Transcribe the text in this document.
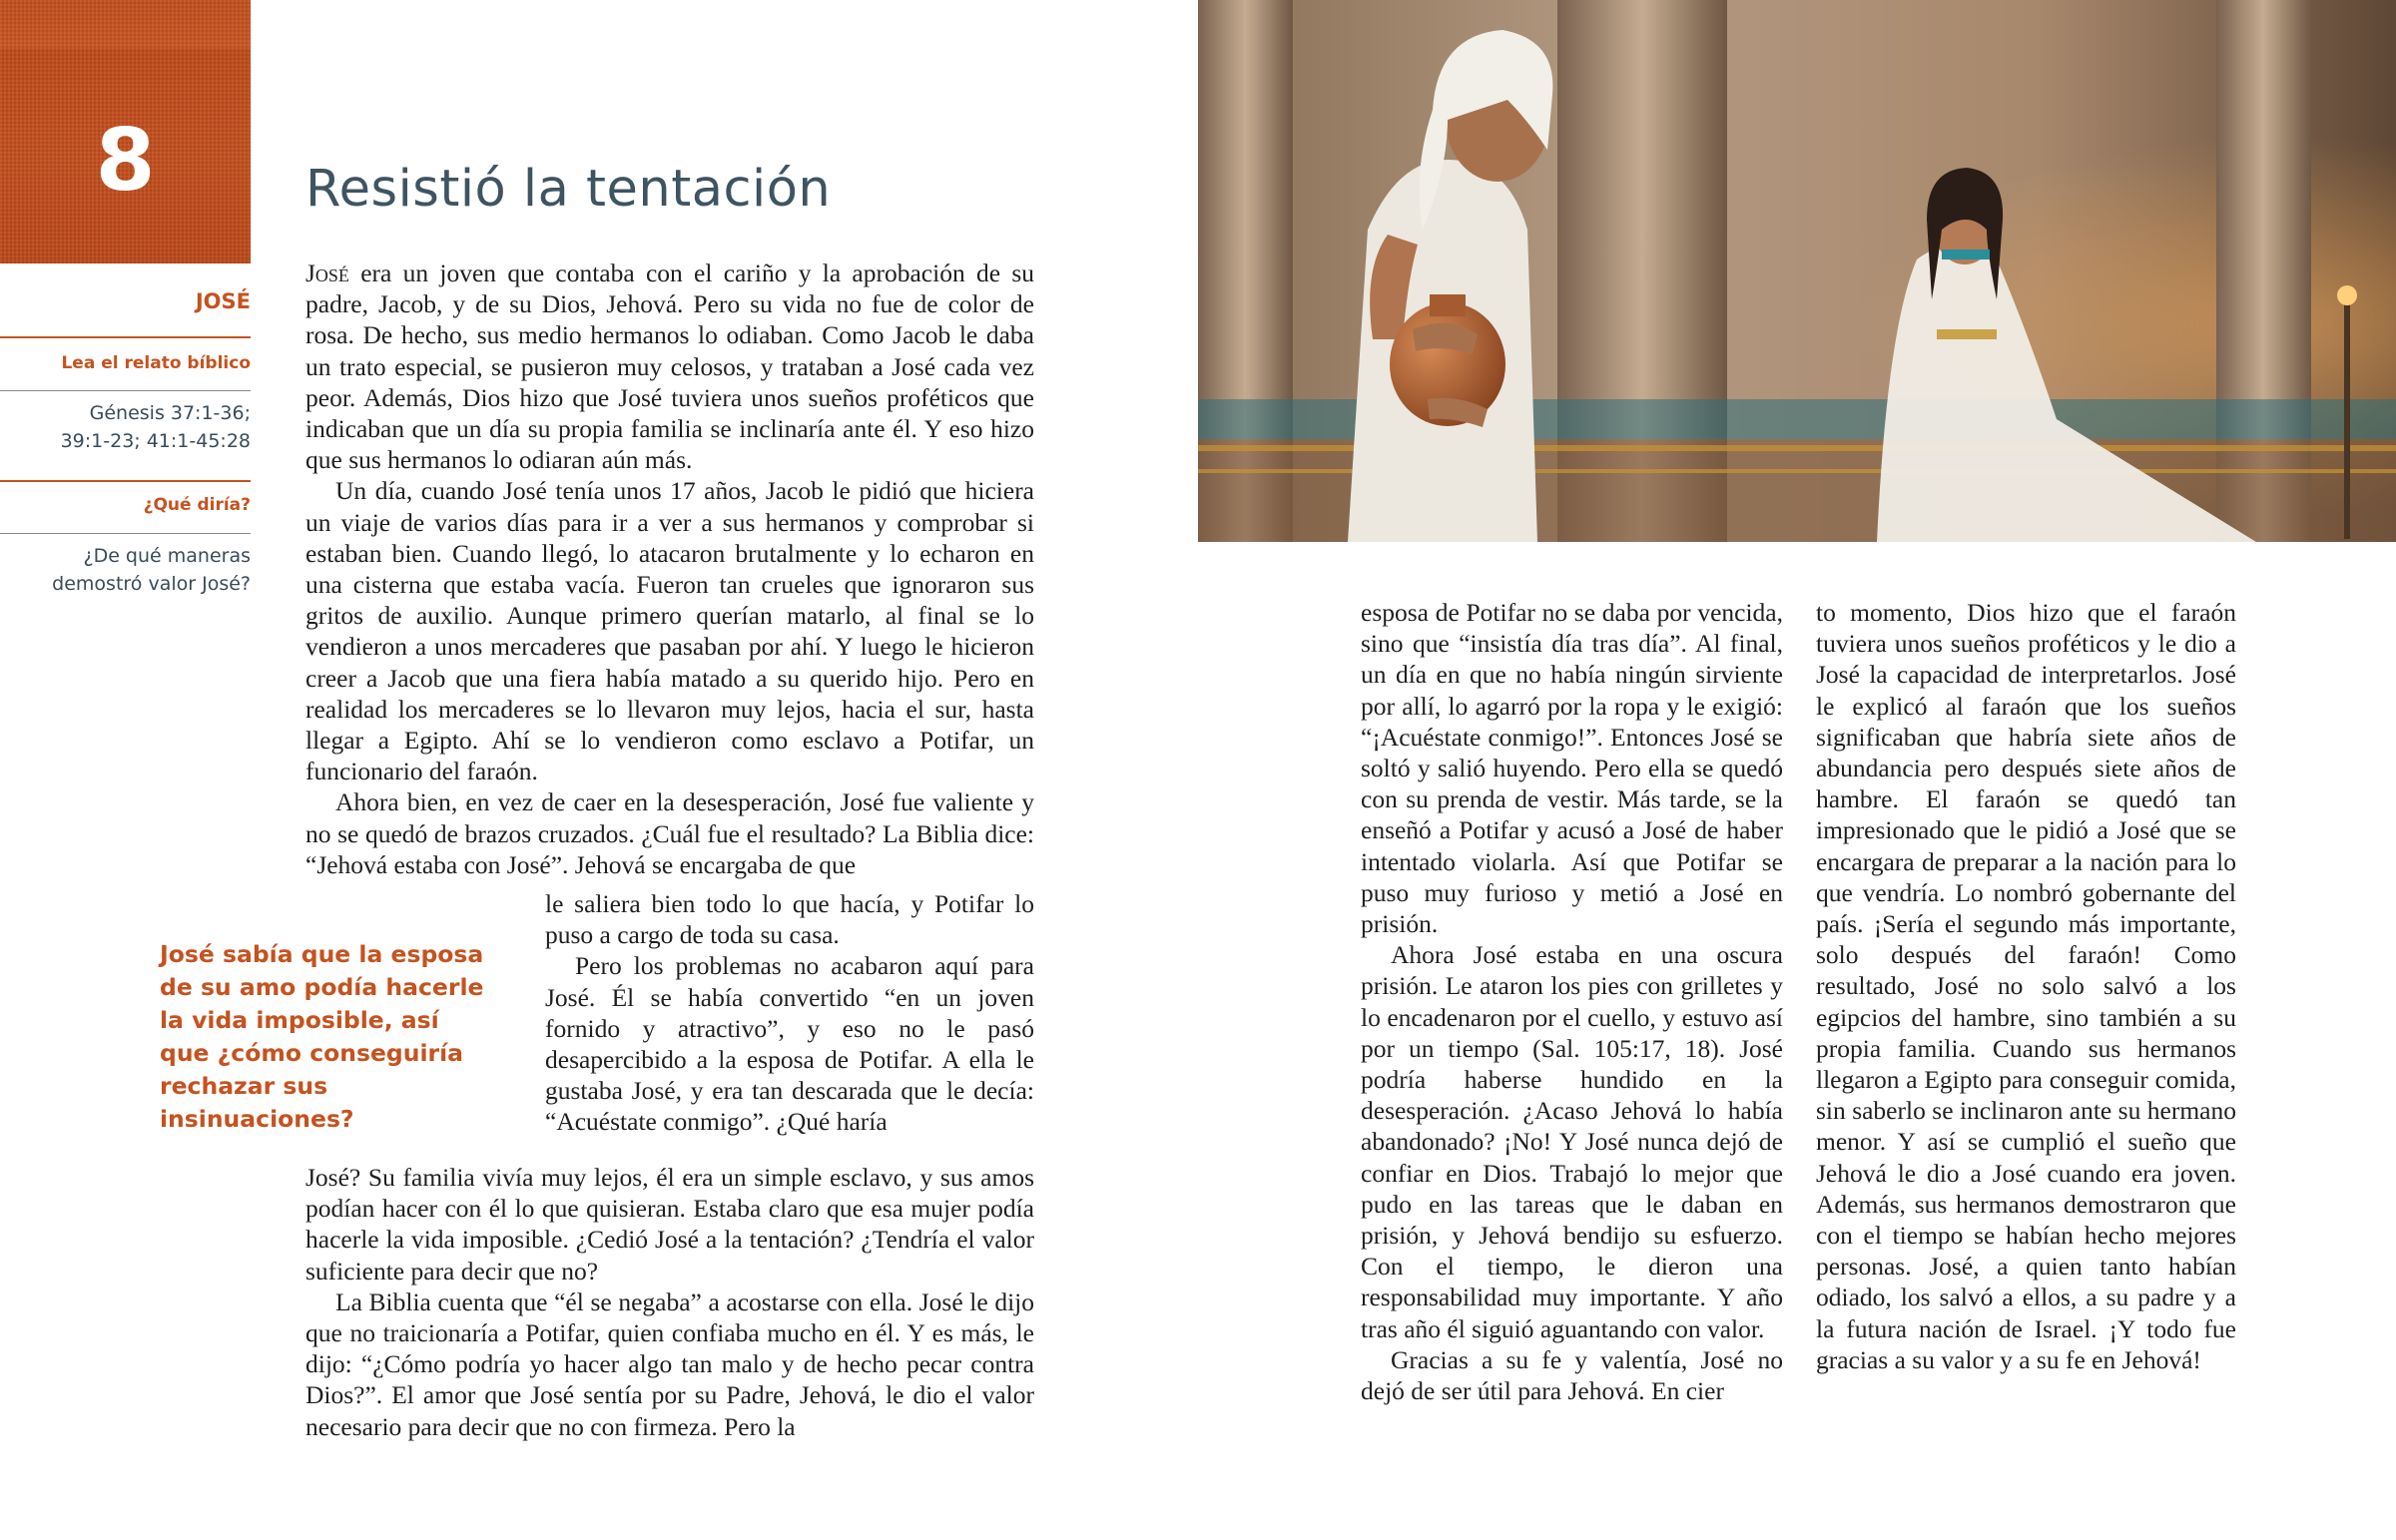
8
JOSÉ
Lea el relato bíblico
Génesis 37:1-36;
39:1-23; 41:1-45:28
¿Qué diría?
¿De qué maneras demostró valor José?
Resistió la tentación

José era un joven que contaba con el cariño y la aprobación de su padre, Jacob, y de su Dios, Jehová. Pero su vida no fue de color de rosa. De hecho, sus medio hermanos lo odiaban. Como Jacob le daba un trato especial, se pusieron muy celosos, y trataban a José cada vez peor. Además, Dios hizo que José tuviera unos sueños proféticos que indicaban que un día su propia familia se inclinaría ante él. Y eso hizo que sus hermanos lo odiaran aún más.

Un día, cuando José tenía unos 17 años, Jacob le pidió que hiciera un viaje de varios días para ir a ver a sus hermanos y comprobar si estaban bien. Cuando llegó, lo atacaron brutalmente y lo echaron en una cisterna que estaba vacía. Fueron tan crueles que ignoraron sus gritos de auxilio. Aunque primero querían matarlo, al final se lo vendieron a unos mercaderes que pasaban por ahí. Y luego le hicieron creer a Jacob que una fiera había matado a su querido hijo. Pero en realidad los mercaderes se lo llevaron muy lejos, hacia el sur, hasta llegar a Egipto. Ahí se lo vendieron como esclavo a Potifar, un funcionario del faraón.

Ahora bien, en vez de caer en la desesperación, José fue valiente y no se quedó de brazos cruzados. ¿Cuál fue el resultado? La Biblia dice: “Jehová estaba con José”. Jehová se encargaba de que

le saliera bien todo lo que hacía, y Potifar lo puso a cargo de toda su casa.

Pero los problemas no acabaron aquí para José. Él se había convertido “en un joven fornido y atractivo”, y eso no le pasó desapercibido a la esposa de Potifar. A ella le gustaba José, y era tan descarada que le decía: “Acuéstate conmigo”. ¿Qué haría

José sabía que la esposa de su amo podía hacerle la vida imposible, así que ¿cómo conseguiría rechazar sus insinuaciones?

José? Su familia vivía muy lejos, él era un simple esclavo, y sus amos podían hacer con él lo que quisieran. Estaba claro que esa mujer podía hacerle la vida imposible. ¿Cedió José a la tentación? ¿Tendría el valor suficiente para decir que no?

La Biblia cuenta que “él se negaba” a acostarse con ella. José le dijo que no traicionaría a Potifar, quien confiaba mucho en él. Y es más, le dijo: “¿Cómo podría yo hacer algo tan malo y de hecho pecar contra Dios?”. El amor que José sentía por su Padre, Jehová, le dio el valor necesario para decir que no con firmeza. Pero la

esposa de Potifar no se daba por vencida, sino que “insistía día tras día”. Al final, un día en que no había ningún sirviente por allí, lo agarró por la ropa y le exigió: “¡Acuéstate conmigo!”. Entonces José se soltó y salió huyendo. Pero ella se quedó con su prenda de vestir. Más tarde, se la enseñó a Potifar y acusó a José de haber intentado violarla. Así que Potifar se puso muy furioso y metió a José en prisión.

Ahora José estaba en una oscura prisión. Le ataron los pies con grilletes y lo encadenaron por el cuello, y estuvo así por un tiempo (Sal. 105:17, 18). José podría haberse hundido en la desesperación. ¿Acaso Jehová lo había abandonado? ¡No! Y José nunca dejó de confiar en Dios. Trabajó lo mejor que pudo en las tareas que le daban en prisión, y Jehová bendijo su esfuerzo. Con el tiempo, le dieron una responsabilidad muy importante. Y año tras año él siguió aguantando con valor.

Gracias a su fe y valentía, José no dejó de ser útil para Jehová. En cier

to momento, Dios hizo que el faraón tuviera unos sueños proféticos y le dio a José la capacidad de interpretarlos. José le explicó al faraón que los sueños significaban que habría siete años de abundancia pero después siete años de hambre. El faraón se quedó tan impresionado que le pidió a José que se encargara de preparar a la nación para lo que vendría. Lo nombró gobernante del país. ¡Sería el segundo más importante, solo después del faraón! Como resultado, José no solo salvó a los egipcios del hambre, sino también a su propia familia. Cuando sus hermanos llegaron a Egipto para conseguir comida, sin saberlo se inclinaron ante su hermano menor. Y así se cumplió el sueño que Jehová le dio a José cuando era joven. Además, sus hermanos demostraron que con el tiempo se habían hecho mejores personas. José, a quien tanto habían odiado, los salvó a ellos, a su padre y a la futura nación de Israel. ¡Y todo fue gracias a su valor y a su fe en Jehová!
